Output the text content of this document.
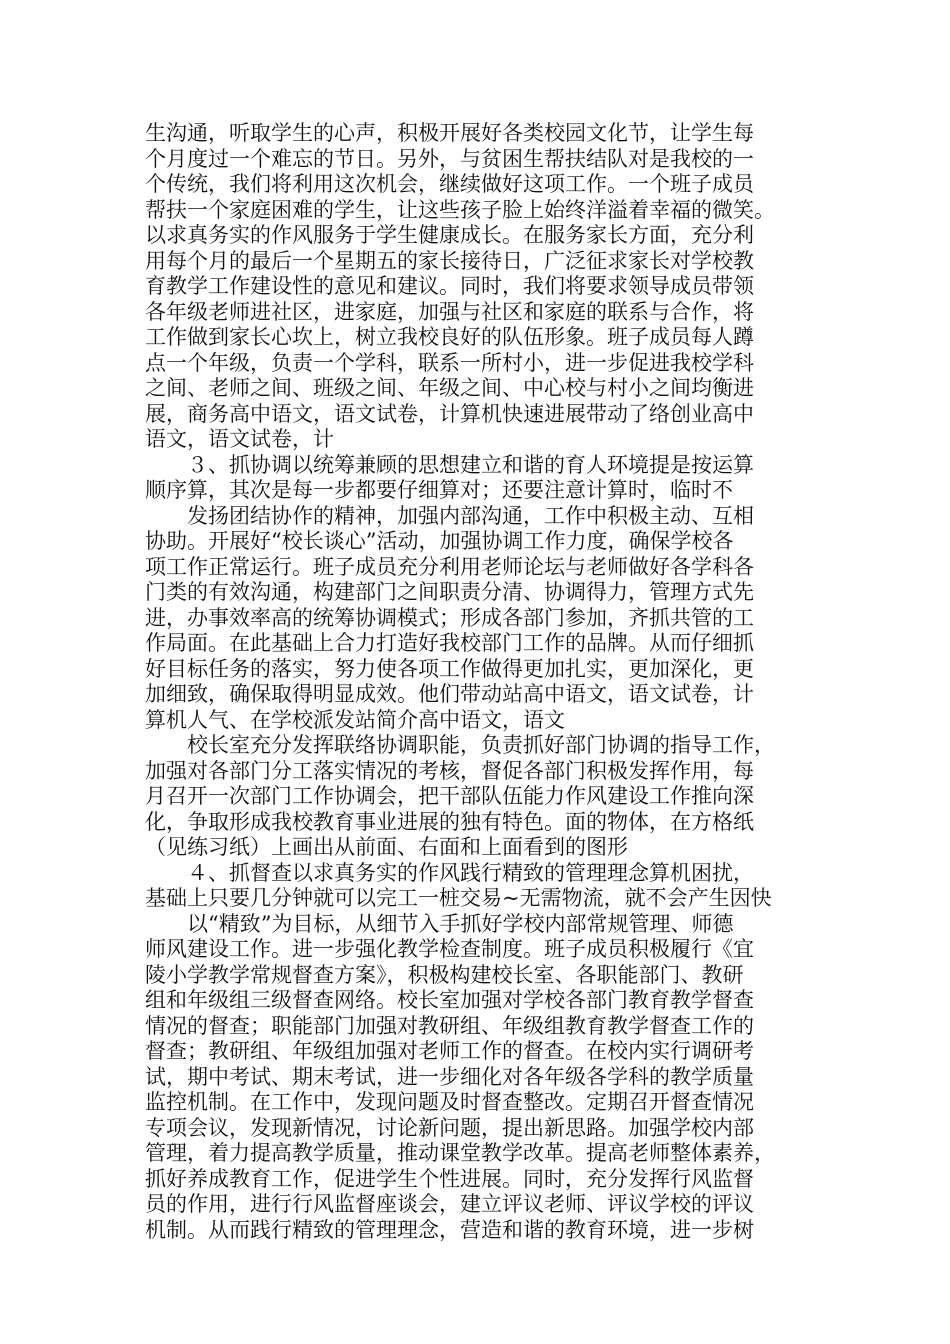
生沟通，听取学生的心声，积极开展好各类校园文化节，让学生每
个月度过一个难忘的节日。另外，与贫困生帮扶结队对是我校的一
个传统，我们将利用这次机会，继续做好这项工作。一个班子成员
帮扶一个家庭困难的学生，让这些孩子脸上始终洋溢着幸福的微笑。
以求真务实的作风服务于学生健康成长。在服务家长方面，充分利
用每个月的最后一个星期五的家长接待日，广泛征求家长对学校教
育教学工作建设性的意见和建议。同时，我们将要求领导成员带领
各年级老师进社区，进家庭，加强与社区和家庭的联系与合作，将
工作做到家长心坎上，树立我校良好的队伍形象。班子成员每人蹲
点一个年级，负责一个学科，联系一所村小，进一步促进我校学科
之间、老师之间、班级之间、年级之间、中心校与村小之间均衡进
展，商务高中语文，语文试卷，计算机快速进展带动了络创业高中
语文，语文试卷，计
　　３、抓协调以统筹兼顾的思想建立和谐的育人环境提是按运算
顺序算，其次是每一步都要仔细算对；还要注意计算时，临时不
　　发扬团结协作的精神，加强内部沟通，工作中积极主动、互相
协助。开展好“校长谈心”活动，加强协调工作力度，确保学校各
项工作正常运行。班子成员充分利用老师论坛与老师做好各学科各
门类的有效沟通，构建部门之间职责分清、协调得力，管理方式先
进，办事效率高的统筹协调模式；形成各部门参加，齐抓共管的工
作局面。在此基础上合力打造好我校部门工作的品牌。从而仔细抓
好目标任务的落实，努力使各项工作做得更加扎实，更加深化，更
加细致，确保取得明显成效。他们带动站高中语文，语文试卷，计
算机人气、在学校派发站简介高中语文，语文
　　校长室充分发挥联络协调职能，负责抓好部门协调的指导工作，
加强对各部门分工落实情况的考核，督促各部门积极发挥作用，每
月召开一次部门工作协调会，把干部队伍能力作风建设工作推向深
化，争取形成我校教育事业进展的独有特色。面的物体，在方格纸
（见练习纸）上画出从前面、右面和上面看到的图形
　　４、抓督查以求真务实的作风践行精致的管理理念算机困扰，
基础上只要几分钟就可以完工一桩交易~无需物流，就不会产生因快
　　以“精致”为目标，从细节入手抓好学校内部常规管理、师德
师风建设工作。进一步强化教学检查制度。班子成员积极履行《宜
陵小学教学常规督查方案》，积极构建校长室、各职能部门、教研
组和年级组三级督查网络。校长室加强对学校各部门教育教学督查
情况的督查；职能部门加强对教研组、年级组教育教学督查工作的
督查；教研组、年级组加强对老师工作的督查。在校内实行调研考
试，期中考试、期末考试，进一步细化对各年级各学科的教学质量
监控机制。在工作中，发现问题及时督查整改。定期召开督查情况
专项会议，发现新情况，讨论新问题，提出新思路。加强学校内部
管理，着力提高教学质量，推动课堂教学改革。提高老师整体素养，
抓好养成教育工作，促进学生个性进展。同时，充分发挥行风监督
员的作用，进行行风监督座谈会，建立评议老师、评议学校的评议
机制。从而践行精致的管理理念，营造和谐的教育环境，进一步树
